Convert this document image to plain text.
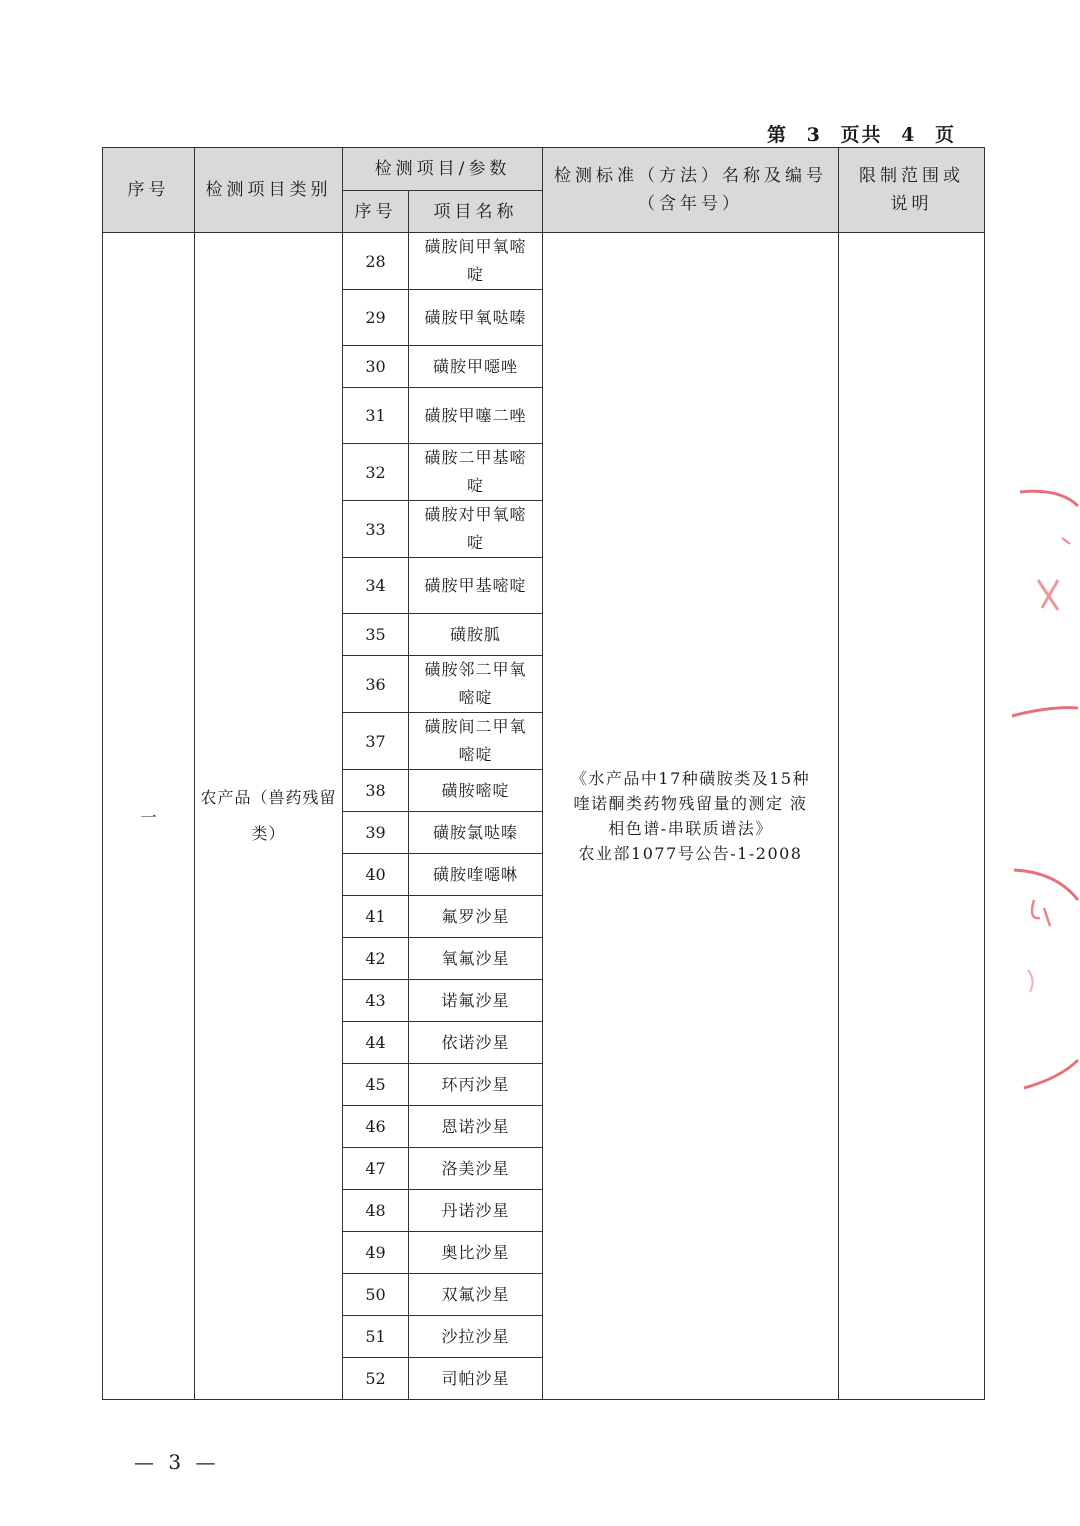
第 3 页共 4 页
序号	检测项目类别	检测项目/参数		检测标准（方法）名称及编号（含年号）	限制范围或说明
		序号	项目名称		
一	农产品（兽药残留类）	28	磺胺间甲氧嘧啶	《水产品中17种磺胺类及15种
喹诺酮类药物残留量的测定 液
相色谱-串联质谱法》
农业部1077号公告-1-2008	

		29	磺胺甲氧哒嗪		
		30	磺胺甲噁唑		
		31	磺胺甲噻二唑		
		32	磺胺二甲基嘧啶		
		33	磺胺对甲氧嘧啶		
		34	磺胺甲基嘧啶		
		35	磺胺胍		
		36	磺胺邻二甲氧嘧啶		
		37	磺胺间二甲氧嘧啶		
		38	磺胺嘧啶		
		39	磺胺氯哒嗪		
		40	磺胺喹噁啉		
		41	氟罗沙星		
		42	氧氟沙星		
		43	诺氟沙星		
		44	依诺沙星		
		45	环丙沙星		
		46	恩诺沙星		
		47	洛美沙星		
		48	丹诺沙星		
		49	奥比沙星		
		50	双氟沙星		
		51	沙拉沙星		
		52	司帕沙星		
— 3 —
